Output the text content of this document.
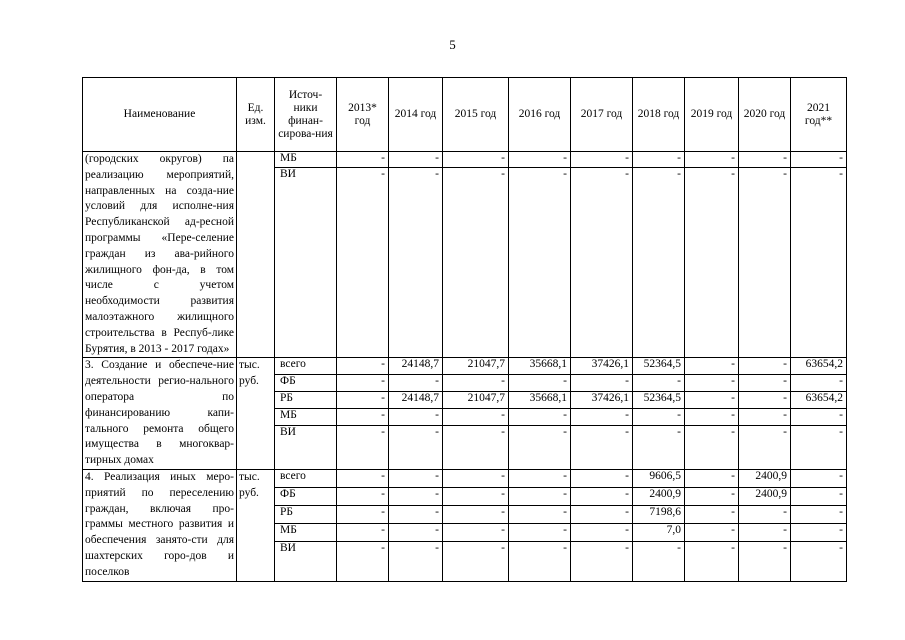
5
Наименование	Ед. изм.	Источ-ники финан-сирова-ния	2013* год	2014 год	2015 год	2016 год	2017 год	2018 год	2019 год	2020 год	2021 год**
(городских округов) па реализацию мероприятий, направленных на созда-ние условий для исполне-ния Республиканской ад-ресной программы «Пере-селение граждан из ава-рийного жилищного фон-да, в том числе с учетом необходимости развития малоэтажного жилищного строительства в Респуб-лике Бурятия, в 2013 - 2017 годах»		МБ	-	-	-	-	-	-	-	-	-
		ВИ	-	-	-	-	-	-	-	-	-
3. Создание и обеспече-ние деятельности регио-нального оператора по финансированию капи-тального ремонта общего имущества в многоквар-тирных домах	тыс. руб.	всего	-	24148,7	21047,7	35668,1	37426,1	52364,5	-	-	63654,2
		ФБ	-	-	-	-	-	-	-	-	-
		РБ	-	24148,7	21047,7	35668,1	37426,1	52364,5	-	-	63654,2
		МБ	-	-	-	-	-	-	-	-	-
		ВИ	-	-	-	-	-	-	-	-	-
4. Реализация иных меро-приятий по переселению граждан, включая про-граммы местного развития и обеспечения занято-сти для шахтерских горо-дов и поселков	тыс. руб.	всего	-	-	-	-	-	9606,5	-	2400,9	-
		ФБ	-	-	-	-	-	2400,9	-	2400,9	-
		РБ	-	-	-	-	-	7198,6	-	-	-
		МБ	-	-	-	-	-	7,0	-	-	-
		ВИ	-	-	-	-	-	-	-	-	-
